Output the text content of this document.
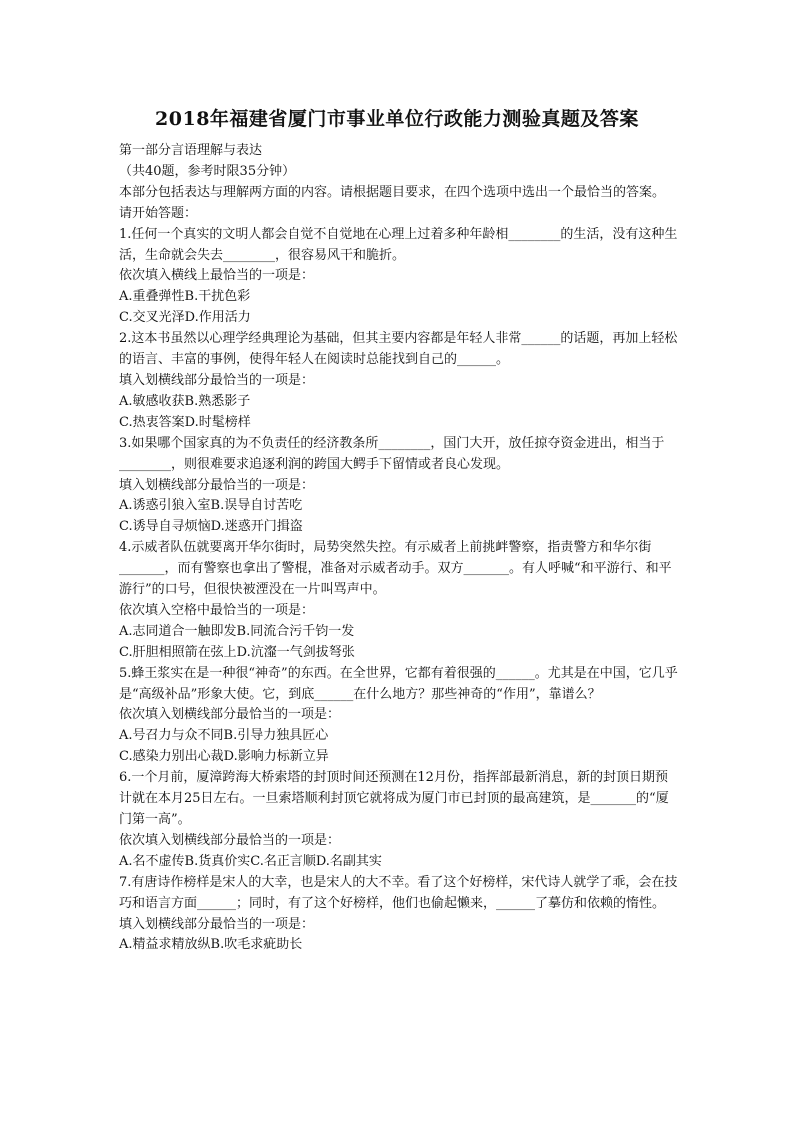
2018年福建省厦门市事业单位行政能力测验真题及答案

第一部分言语理解与表达

（共40题，参考时限35分钟）

本部分包括表达与理解两方面的内容。请根据题目要求，在四个选项中选出一个最恰当的答案。

请开始答题：

1.任何一个真实的文明人都会自觉不自觉地在心理上过着多种年龄相________的生活，没有这种生活，生命就会失去________，很容易风干和脆折。

依次填入横线上最恰当的一项是：

A.重叠弹性B.干扰色彩

C.交叉光泽D.作用活力

2.这本书虽然以心理学经典理论为基础，但其主要内容都是年轻人非常______的话题，再加上轻松的语言、丰富的事例，使得年轻人在阅读时总能找到自己的______。

填入划横线部分最恰当的一项是：

A.敏感收获B.熟悉影子

C.热衷答案D.时髦榜样

3.如果哪个国家真的为不负责任的经济教条所________，国门大开，放任掠夺资金进出，相当于________，则很难要求追逐利润的跨国大鳄手下留情或者良心发现。

填入划横线部分最恰当的一项是：

A.诱惑引狼入室B.误导自讨苦吃

C.诱导自寻烦恼D.迷惑开门揖盗

4.示威者队伍就要离开华尔街时，局势突然失控。有示威者上前挑衅警察，指责警方和华尔街_______，而有警察也拿出了警棍，准备对示威者动手。双方_______。有人呼喊“和平游行、和平游行”的口号，但很快被湮没在一片叫骂声中。

依次填入空格中最恰当的一项是：

A.志同道合一触即发B.同流合污千钧一发

C.肝胆相照箭在弦上D.沆瀣一气剑拔弩张

5.蜂王浆实在是一种很“神奇”的东西。在全世界，它都有着很强的______。尤其是在中国，它几乎是“高级补品”形象大使。它，到底______在什么地方？那些神奇的“作用”，靠谱么？

依次填入划横线部分最恰当的一项是：

A.号召力与众不同B.引导力独具匠心

C.感染力别出心裁D.影响力标新立异

6.一个月前，厦漳跨海大桥索塔的封顶时间还预测在12月份，指挥部最新消息，新的封顶日期预计就在本月25日左右。一旦索塔顺利封顶它就将成为厦门市已封顶的最高建筑，是_______的“厦门第一高”。

依次填入划横线部分最恰当的一项是：

A.名不虚传B.货真价实C.名正言顺D.名副其实

7.有唐诗作榜样是宋人的大幸，也是宋人的大不幸。看了这个好榜样，宋代诗人就学了乖，会在技巧和语言方面______；同时，有了这个好榜样，他们也偷起懒来，______了摹仿和依赖的惰性。

填入划横线部分最恰当的一项是：

A.精益求精放纵B.吹毛求疵助长
